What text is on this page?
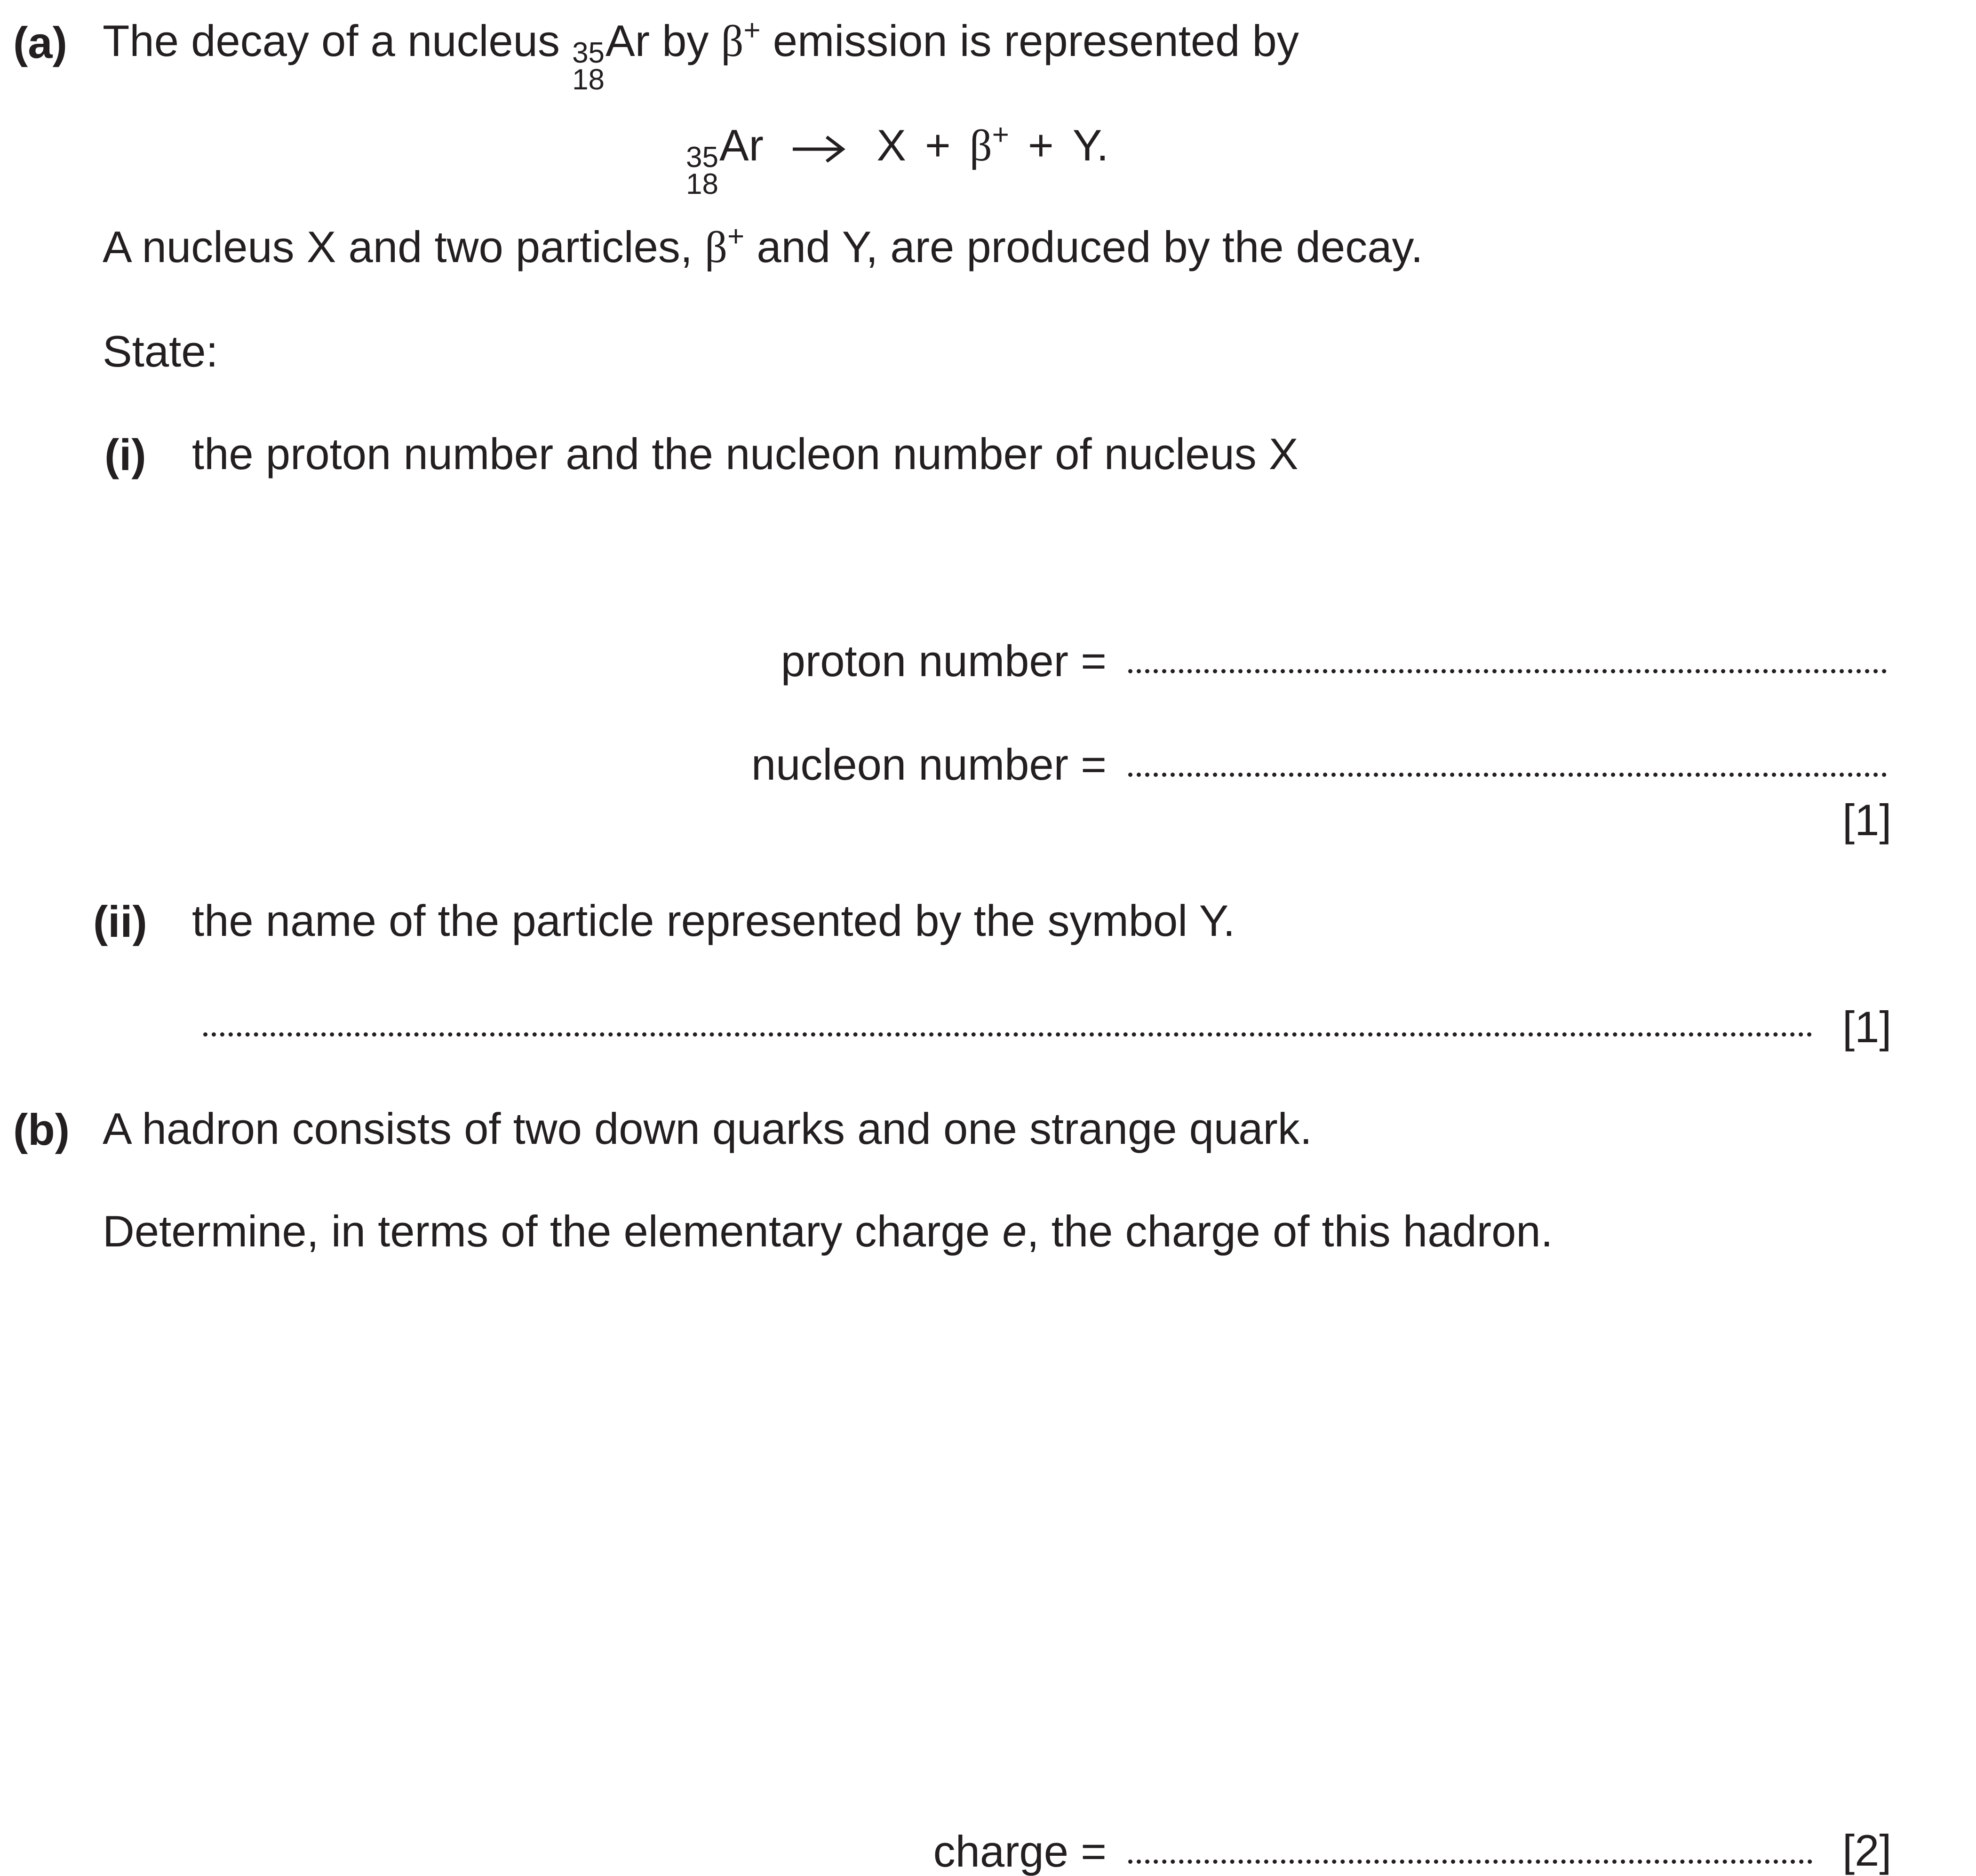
(a) The decay of a nucleus 35
18
Ar by β+ emission is represented by
35
18
Ar → X + β+ + Y.
A nucleus X and two particles, β+ and Y, are produced by the decay.
State:
(i) the proton number and the nucleon number of nucleus X
proton number =
nucleon number =
[1]
(ii) the name of the particle represented by the symbol Y.
[1]
(b) A hadron consists of two down quarks and one strange quark.
Determine, in terms of the elementary charge e, the charge of this hadron.
charge =	[2]
